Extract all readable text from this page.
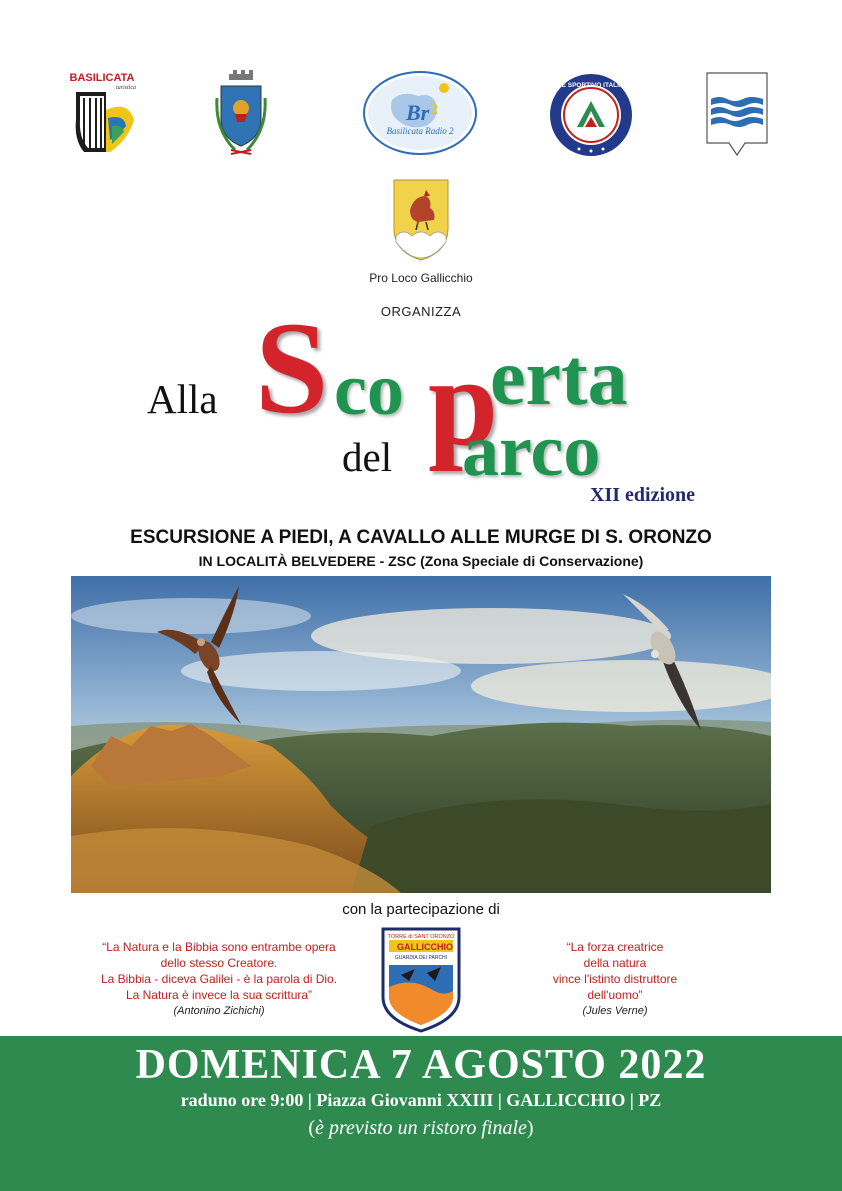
BASILICATA
turistica
Br 2
Basilicata Radio 2
ENTE SPORTIVO ITALIANO
Pro Loco Gallicchio
ORGANIZZA
Alla S co p
erta
del arco
XII edizione
ESCURSIONE A PIEDI, A CAVALLO ALLE MURGE DI S. ORONZO
IN LOCALITÀ BELVEDERE - ZSC (Zona Speciale di Conservazione)
con la partecipazione di
“La Natura e la Bibbia sono entrambe opera
dello stesso Creatore.
La Bibbia - diceva Galilei - è la parola di Dio.
La Natura è invece la sua scrittura”
(Antonino Zichichi)
“La forza creatrice
della natura
vince l'istinto distruttore
dell'uomo”
(Jules Verne)
TORRE di SANT ORONZO
GALLICCHIO
GUARDIA DEI PARCHI
DOMENICA 7 AGOSTO 2022
raduno ore 9:00 | Piazza Giovanni XXIII | GALLICCHIO | PZ
(è previsto un ristoro finale)
